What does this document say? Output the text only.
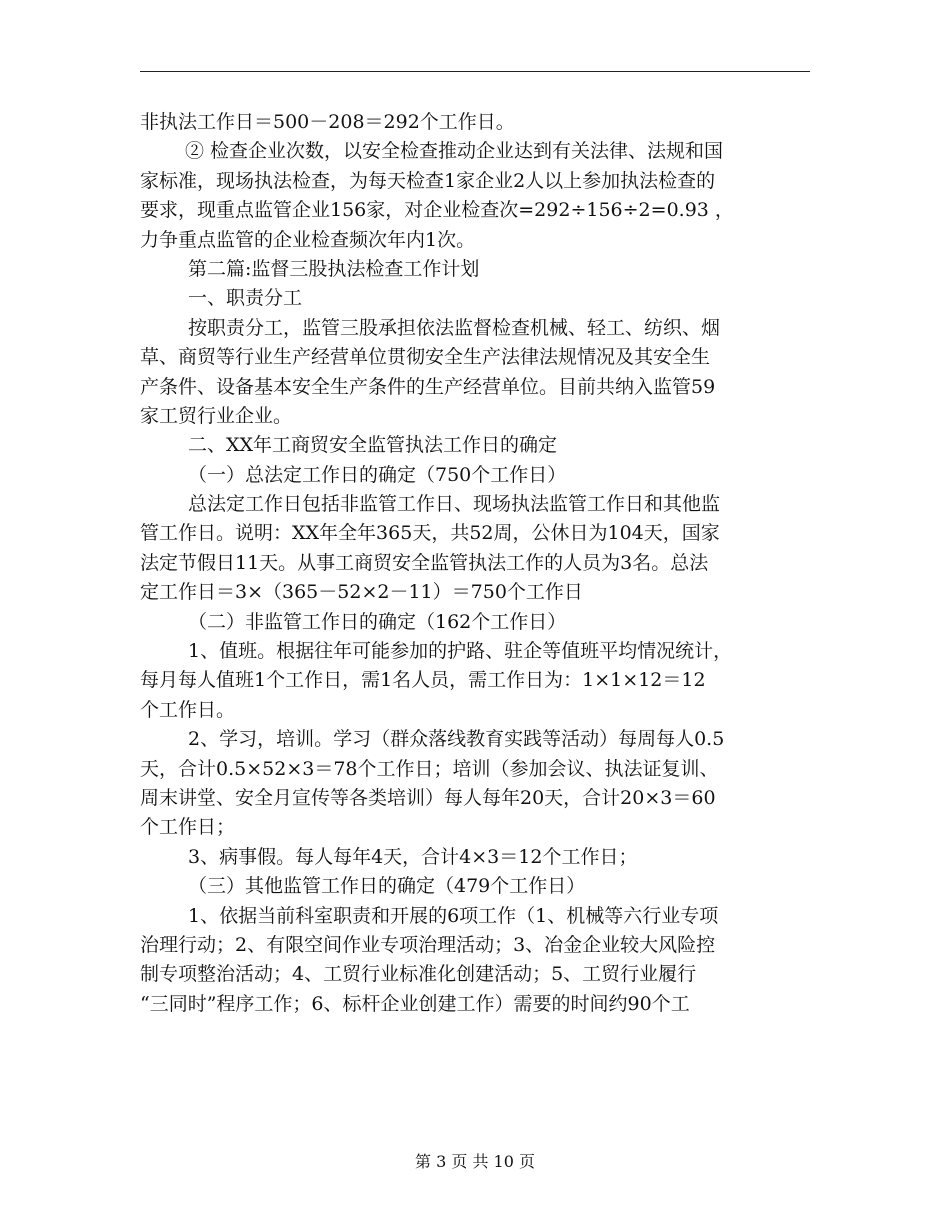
非执法工作日＝500－208＝292个工作日。
② 检查企业次数，以安全检查推动企业达到有关法律、法规和国
家标准，现场执法检查，为每天检查1家企业2人以上参加执法检查的
要求，现重点监管企业156家，对企业检查次=292÷156÷2=0.93 ，
力争重点监管的企业检查频次年内1次。
第二篇:监督三股执法检查工作计划
一、职责分工
按职责分工，监管三股承担依法监督检查机械、轻工、纺织、烟
草、商贸等行业生产经营单位贯彻安全生产法律法规情况及其安全生
产条件、设备基本安全生产条件的生产经营单位。目前共纳入监管59
家工贸行业企业。
二、XX年工商贸安全监管执法工作日的确定
（一）总法定工作日的确定（750个工作日）
总法定工作日包括非监管工作日、现场执法监管工作日和其他监
管工作日。说明：XX年全年365天，共52周，公休日为104天，国家
法定节假日11天。从事工商贸安全监管执法工作的人员为3名。总法
定工作日＝3×（365－52×2－11）＝750个工作日
（二）非监管工作日的确定（162个工作日）
1、值班。根据往年可能参加的护路、驻企等值班平均情况统计，
每月每人值班1个工作日，需1名人员，需工作日为：1×1×12＝12
个工作日。
2、学习，培训。学习（群众落线教育实践等活动）每周每人0.5
天，合计0.5×52×3＝78个工作日；培训（参加会议、执法证复训、
周末讲堂、安全月宣传等各类培训）每人每年20天，合计20×3＝60
个工作日；
3、病事假。每人每年4天，合计4×3＝12个工作日；
（三）其他监管工作日的确定（479个工作日）
1、依据当前科室职责和开展的6项工作（1、机械等六行业专项
治理行动；2、有限空间作业专项治理活动；3、冶金企业较大风险控
制专项整治活动；4、工贸行业标准化创建活动；5、工贸行业履行
“三同时”程序工作；6、标杆企业创建工作）需要的时间约90个工
第 3 页 共 10 页
